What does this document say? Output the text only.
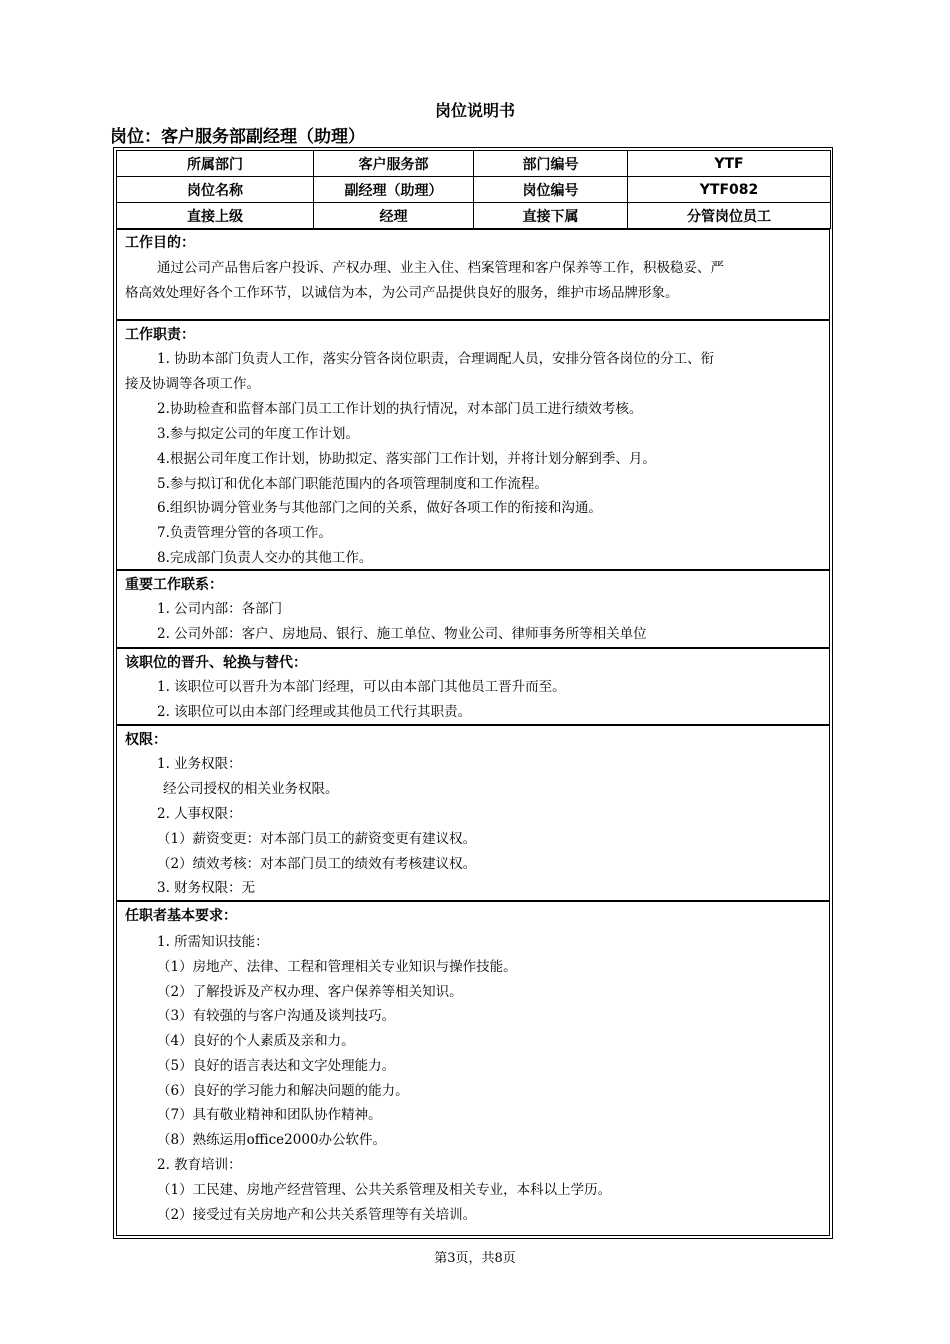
岗位说明书
岗位：客户服务部副经理（助理）
所属部门	客户服务部	部门编号	YTF
岗位名称	副经理（助理）	岗位编号	YTF082
直接上级	经理	直接下属	分管岗位员工
工作目的：
通过公司产品售后客户投诉、产权办理、业主入住、档案管理和客户保养等工作，积极稳妥、严
格高效处理好各个工作环节，以诚信为本，为公司产品提供良好的服务，维护市场品牌形象。
工作职责：
1. 协助本部门负责人工作，落实分管各岗位职责，合理调配人员，安排分管各岗位的分工、衔
接及协调等各项工作。
2.协助检查和监督本部门员工工作计划的执行情况，对本部门员工进行绩效考核。
3.参与拟定公司的年度工作计划。
4.根据公司年度工作计划，协助拟定、落实部门工作计划，并将计划分解到季、月。
5.参与拟订和优化本部门职能范围内的各项管理制度和工作流程。
6.组织协调分管业务与其他部门之间的关系，做好各项工作的衔接和沟通。
7.负责管理分管的各项工作。
8.完成部门负责人交办的其他工作。
重要工作联系：
1. 公司内部：各部门
2. 公司外部：客户、房地局、银行、施工单位、物业公司、律师事务所等相关单位
该职位的晋升、轮换与替代：
1. 该职位可以晋升为本部门经理，可以由本部门其他员工晋升而至。
2. 该职位可以由本部门经理或其他员工代行其职责。
权限：
1. 业务权限：
经公司授权的相关业务权限。
2. 人事权限：
（1）薪资变更：对本部门员工的薪资变更有建议权。
（2）绩效考核：对本部门员工的绩效有考核建议权。
3. 财务权限：无
任职者基本要求：
1. 所需知识技能：
（1）房地产、法律、工程和管理相关专业知识与操作技能。
（2）了解投诉及产权办理、客户保养等相关知识。
（3）有较强的与客户沟通及谈判技巧。
（4）良好的个人素质及亲和力。
（5）良好的语言表达和文字处理能力。
（6）良好的学习能力和解决问题的能力。
（7）具有敬业精神和团队协作精神。
（8）熟练运用office2000办公软件。
2. 教育培训：
（1）工民建、房地产经营管理、公共关系管理及相关专业，本科以上学历。
（2）接受过有关房地产和公共关系管理等有关培训。
第3页，共8页
